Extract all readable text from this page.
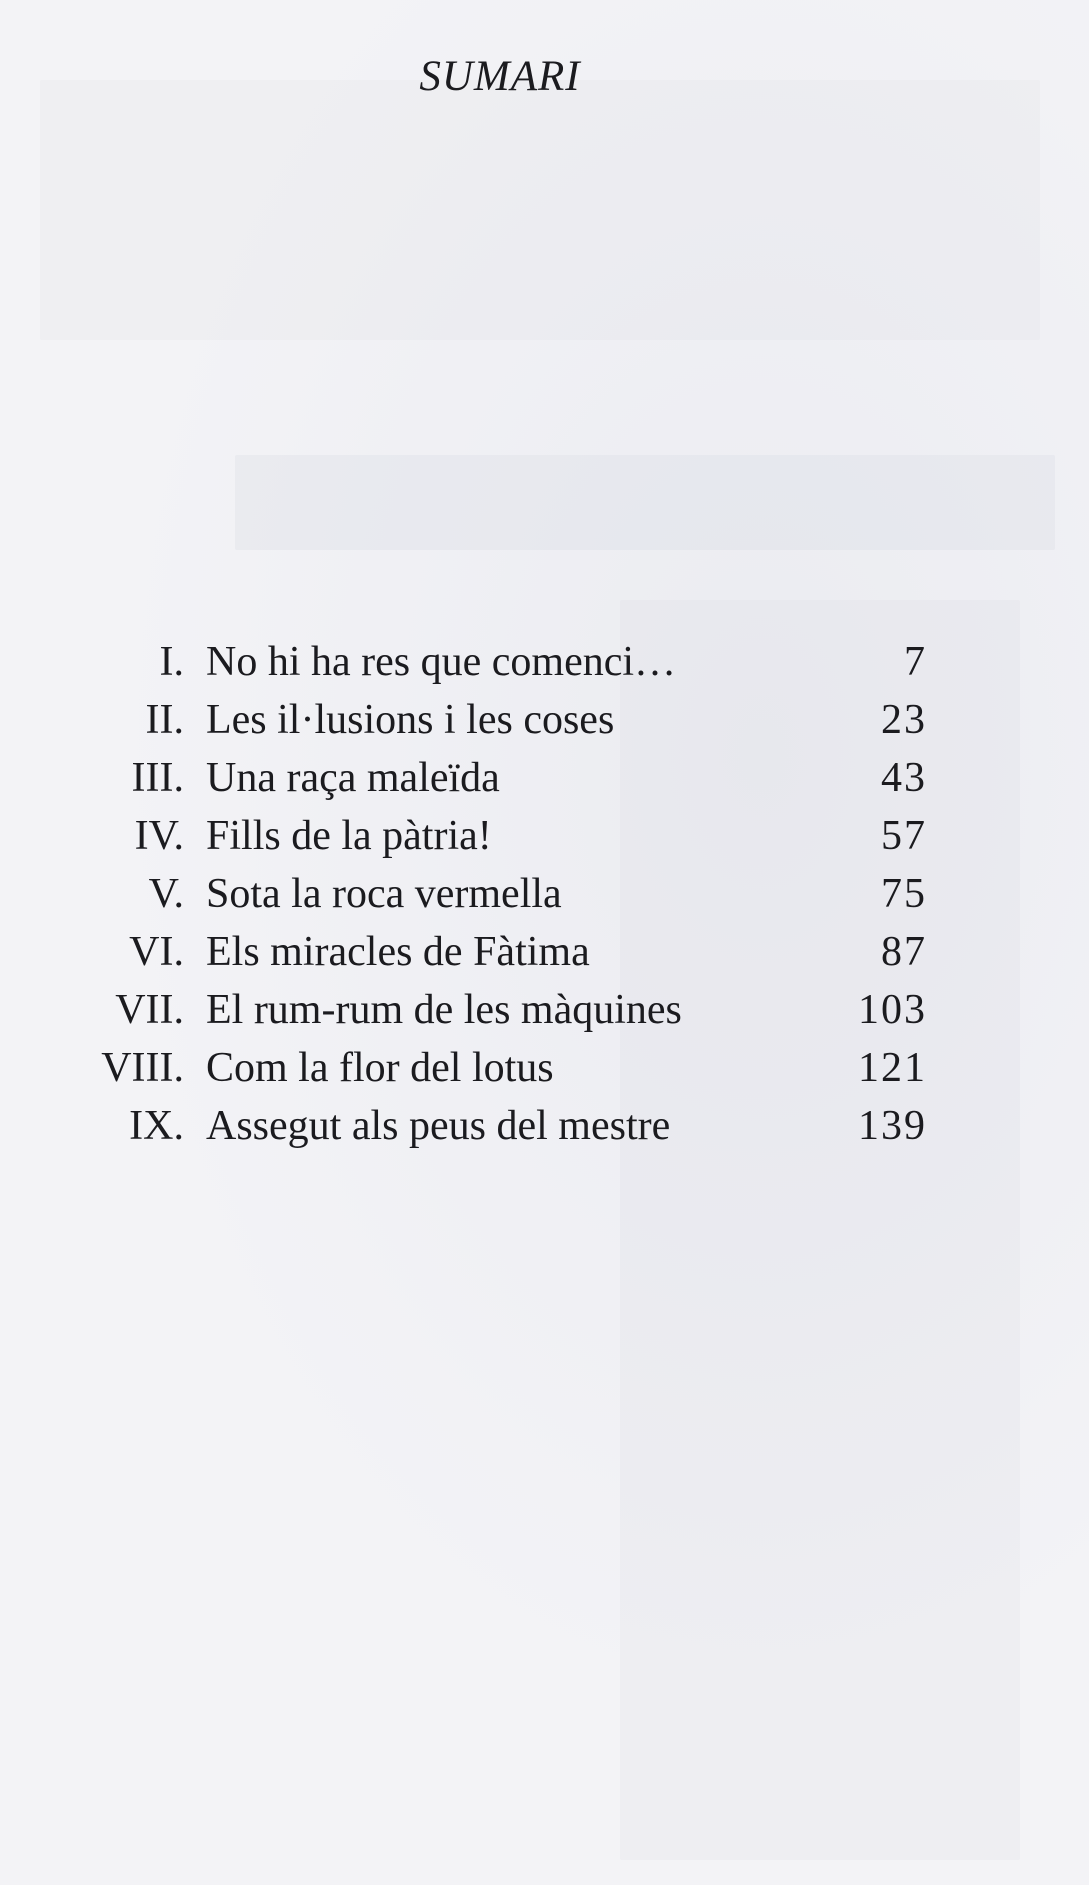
SUMARI
I. No hi ha res que comenci…	7
II. Les il·lusions i les coses	23
III. Una raça maleïda	43
IV. Fills de la pàtria!	57
V. Sota la roca vermella	75
VI. Els miracles de Fàtima	87
VII. El rum-rum de les màquines	103
VIII. Com la flor del lotus	121
IX. Assegut als peus del mestre	139
